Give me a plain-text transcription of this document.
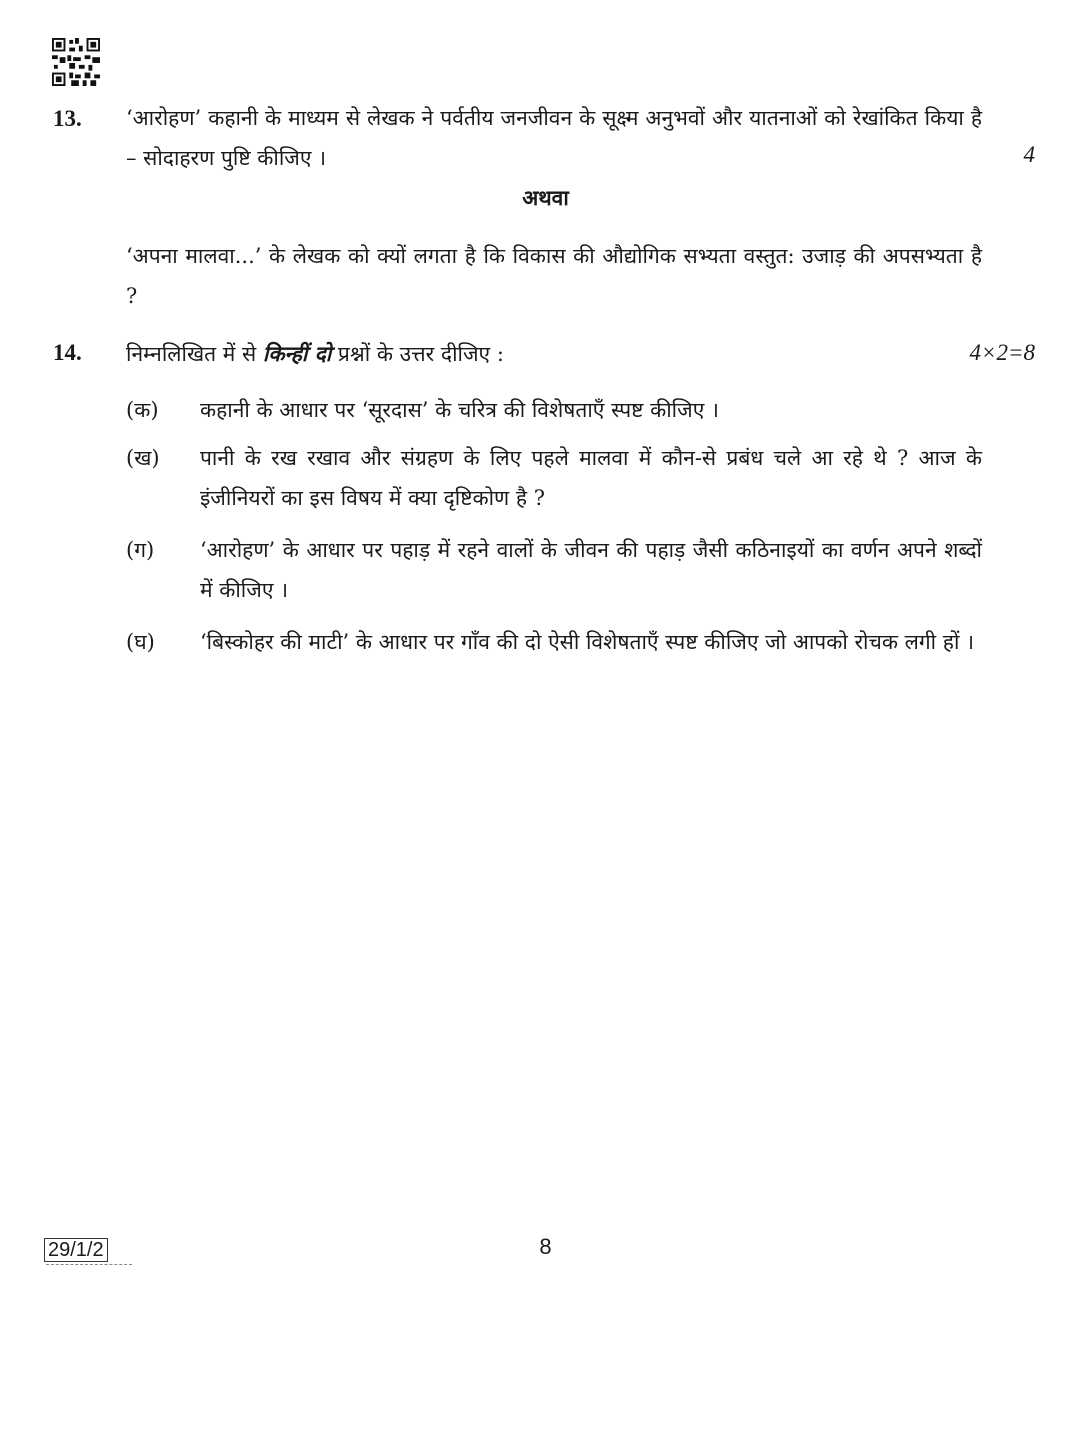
13. ‘आरोहण’ कहानी के माध्यम से लेखक ने पर्वतीय जनजीवन के सूक्ष्म अनुभवों और यातनाओं को रेखांकित किया है – सोदाहरण पुष्टि कीजिए ।	4
अथवा
‘अपना मालवा...’ के लेखक को क्यों लगता है कि विकास की औद्योगिक सभ्यता वस्तुत: उजाड़ की अपसभ्यता है ?
14. निम्नलिखित में से किन्हीं दो प्रश्नों के उत्तर दीजिए :	4×2=8
(क) कहानी के आधार पर ‘सूरदास’ के चरित्र की विशेषताएँ स्पष्ट कीजिए ।
(ख) पानी के रख रखाव और संग्रहण के लिए पहले मालवा में कौन-से प्रबंध चले आ रहे थे ? आज के इंजीनियरों का इस विषय में क्या दृष्टिकोण है ?
(ग) ‘आरोहण’ के आधार पर पहाड़ में रहने वालों के जीवन की पहाड़ जैसी कठिनाइयों का वर्णन अपने शब्दों में कीजिए ।
(घ) ‘बिस्कोहर की माटी’ के आधार पर गाँव की दो ऐसी विशेषताएँ स्पष्ट कीजिए जो आपको रोचक लगी हों ।
29/1/2	8
